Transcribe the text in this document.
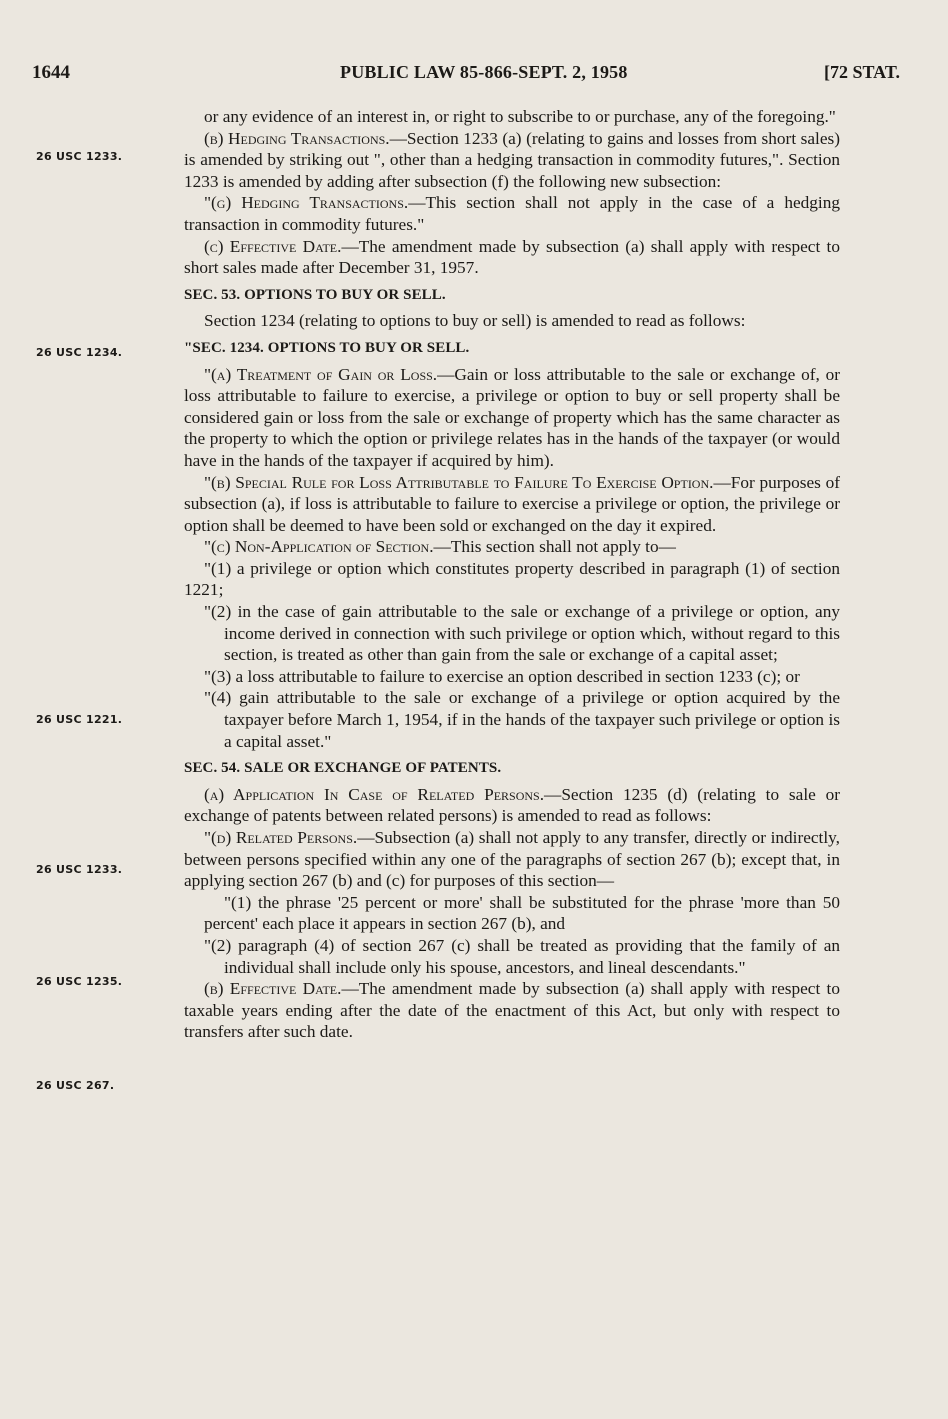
1644	PUBLIC LAW 85-866-SEPT. 2, 1958	[72 STAT.
26 USC 1233.
26 USC 1234.
26 USC 1221.
26 USC 1233.
26 USC 1235.
26 USC 267.

or any evidence of an interest in, or right to subscribe to or purchase, any of the foregoing."

(b) Hedging Transactions.—Section 1233 (a) (relating to gains and losses from short sales) is amended by striking out ", other than a hedging transaction in commodity futures,". Section 1233 is amended by adding after subsection (f) the following new subsection:

"(g) Hedging Transactions.—This section shall not apply in the case of a hedging transaction in commodity futures."

(c) Effective Date.—The amendment made by subsection (a) shall apply with respect to short sales made after December 31, 1957.

SEC. 53. OPTIONS TO BUY OR SELL.

Section 1234 (relating to options to buy or sell) is amended to read as follows:

"SEC. 1234. OPTIONS TO BUY OR SELL.

"(a) Treatment of Gain or Loss.—Gain or loss attributable to the sale or exchange of, or loss attributable to failure to exercise, a privilege or option to buy or sell property shall be considered gain or loss from the sale or exchange of property which has the same character as the property to which the option or privilege relates has in the hands of the taxpayer (or would have in the hands of the taxpayer if acquired by him).

"(b) Special Rule for Loss Attributable to Failure To Exercise Option.—For purposes of subsection (a), if loss is attributable to failure to exercise a privilege or option, the privilege or option shall be deemed to have been sold or exchanged on the day it expired.

"(c) Non-Application of Section.—This section shall not apply to—

"(1) a privilege or option which constitutes property described in paragraph (1) of section 1221;

"(2) in the case of gain attributable to the sale or exchange of a privilege or option, any income derived in connection with such privilege or option which, without regard to this section, is treated as other than gain from the sale or exchange of a capital asset;

"(3) a loss attributable to failure to exercise an option described in section 1233 (c); or

"(4) gain attributable to the sale or exchange of a privilege or option acquired by the taxpayer before March 1, 1954, if in the hands of the taxpayer such privilege or option is a capital asset."

SEC. 54. SALE OR EXCHANGE OF PATENTS.

(a) Application In Case of Related Persons.—Section 1235 (d) (relating to sale or exchange of patents between related persons) is amended to read as follows:

"(d) Related Persons.—Subsection (a) shall not apply to any transfer, directly or indirectly, between persons specified within any one of the paragraphs of section 267 (b); except that, in applying section 267 (b) and (c) for purposes of this section—

"(1) the phrase '25 percent or more' shall be substituted for the phrase 'more than 50 percent' each place it appears in section 267 (b), and

"(2) paragraph (4) of section 267 (c) shall be treated as providing that the family of an individual shall include only his spouse, ancestors, and lineal descendants."

(b) Effective Date.—The amendment made by subsection (a) shall apply with respect to taxable years ending after the date of the enactment of this Act, but only with respect to transfers after such date.
